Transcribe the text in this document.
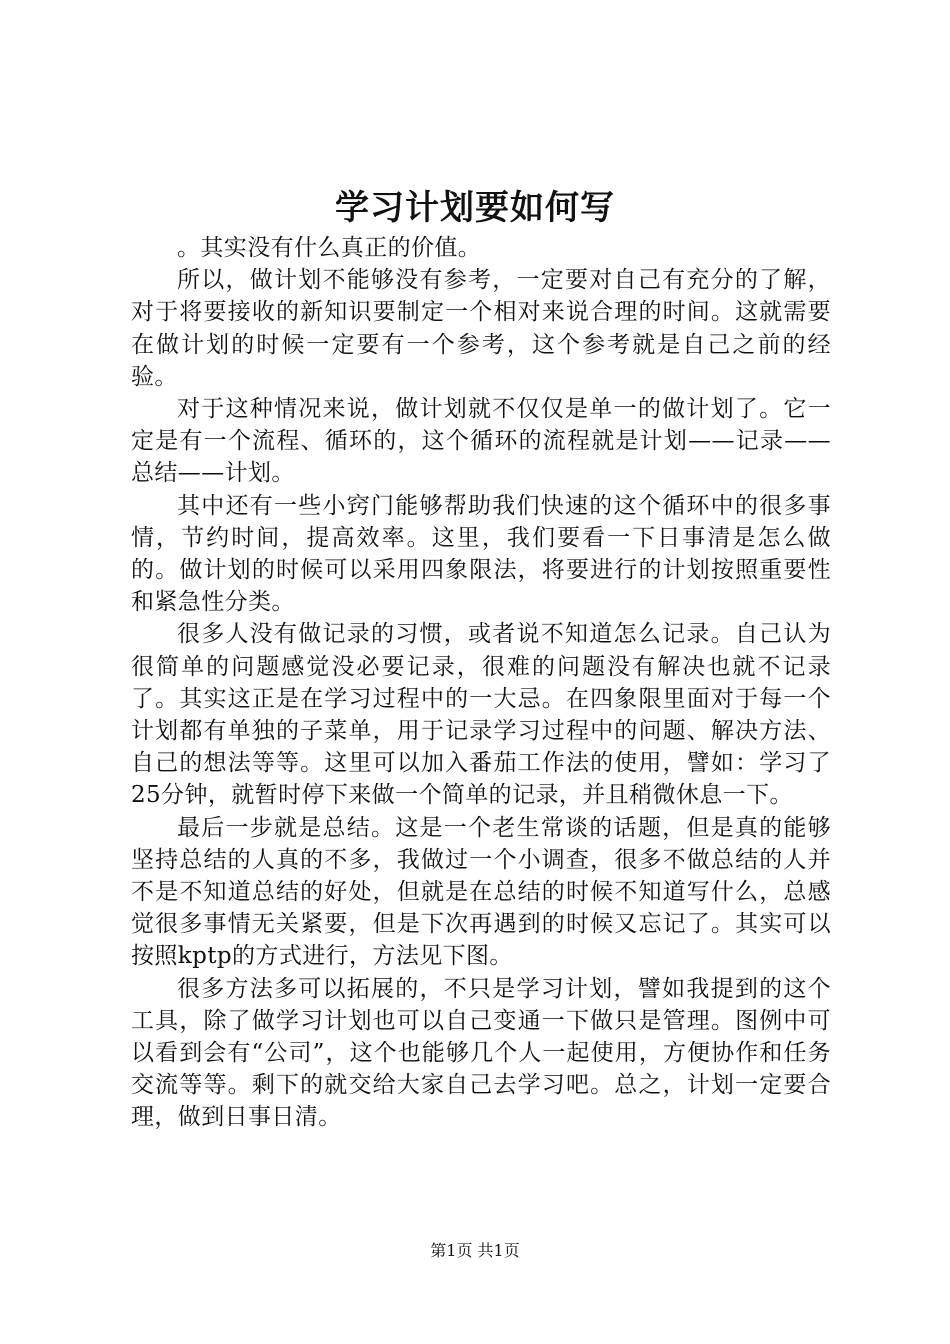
学习计划要如何写

。其实没有什么真正的价值。

所以，做计划不能够没有参考，一定要对自己有充分的了解，对于将要接收的新知识要制定一个相对来说合理的时间。这就需要在做计划的时候一定要有一个参考，这个参考就是自己之前的经验。

对于这种情况来说，做计划就不仅仅是单一的做计划了。它一定是有一个流程、循环的，这个循环的流程就是计划——记录——总结——计划。

其中还有一些小窍门能够帮助我们快速的这个循环中的很多事情，节约时间，提高效率。这里，我们要看一下日事清是怎么做的。做计划的时候可以采用四象限法，将要进行的计划按照重要性和紧急性分类。

很多人没有做记录的习惯，或者说不知道怎么记录。自己认为很简单的问题感觉没必要记录，很难的问题没有解决也就不记录了。其实这正是在学习过程中的一大忌。在四象限里面对于每一个计划都有单独的子菜单，用于记录学习过程中的问题、解决方法、自己的想法等等。这里可以加入番茄工作法的使用，譬如：学习了25分钟，就暂时停下来做一个简单的记录，并且稍微休息一下。

最后一步就是总结。这是一个老生常谈的话题，但是真的能够坚持总结的人真的不多，我做过一个小调查，很多不做总结的人并不是不知道总结的好处，但就是在总结的时候不知道写什么，总感觉很多事情无关紧要，但是下次再遇到的时候又忘记了。其实可以按照kptp的方式进行，方法见下图。

很多方法多可以拓展的，不只是学习计划，譬如我提到的这个工具，除了做学习计划也可以自己变通一下做只是管理。图例中可以看到会有“公司”，这个也能够几个人一起使用，方便协作和任务交流等等。剩下的就交给大家自己去学习吧。总之，计划一定要合理，做到日事日清。

第1页 共1页
